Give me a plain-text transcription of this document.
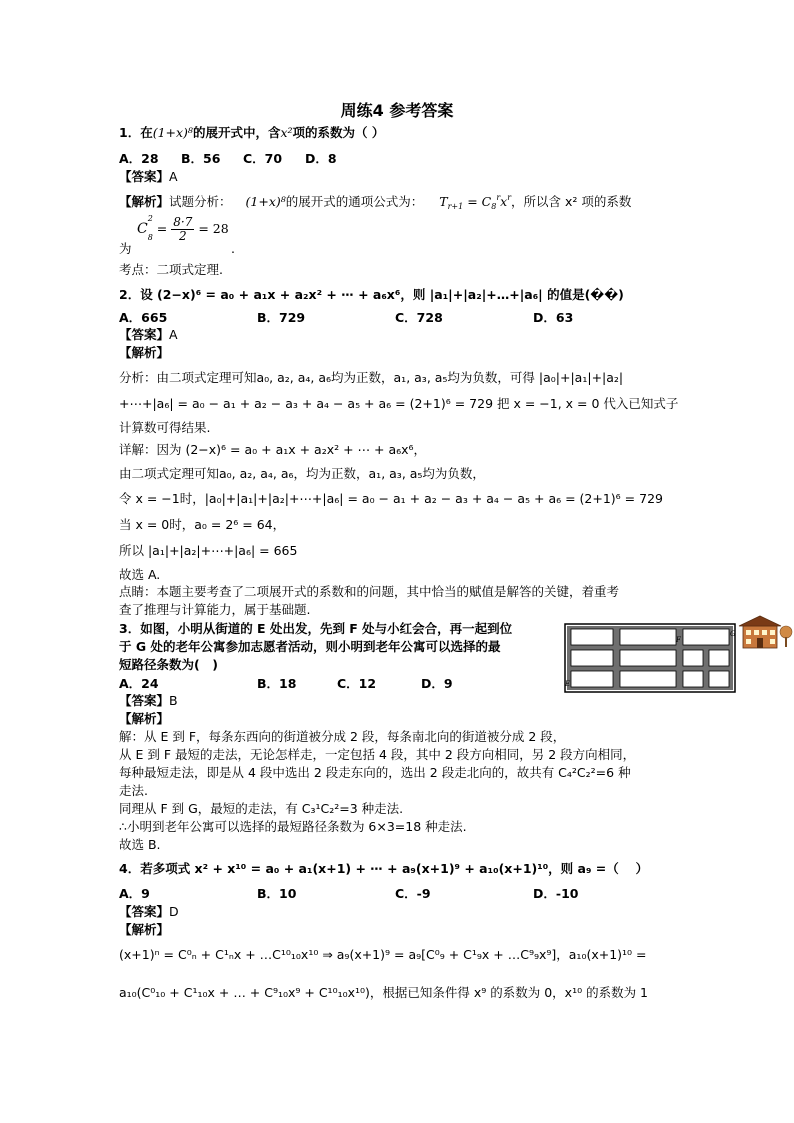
周练4 参考答案
1．在(1+x)⁸的展开式中，含x²项的系数为（ ）
A．28 B．56 C．70 D．8
【答案】A
【解析】试题分析： (1+x)⁸的展开式的通项公式为： $T_{r+1} = C_8^rx^r$，所以含 x² 项的系数
为
C
2
$_8 = \frac{8\cdot 7}{2} = 28$
.
考点：二项式定理.
2．设 (2−x)⁶ = a₀ + a₁x + a₂x² + ⋯ + a₆x⁶，则 |a₁|+|a₂|+…+|a₆| 的值是(��)
A．665	B．729	C．728	D．63
【答案】A
【解析】
分析：由二项式定理可知a₀, a₂, a₄, a₆均为正数，a₁, a₃, a₅均为负数，可得 |a₀|+|a₁|+|a₂|
+⋯+|a₆| = a₀ − a₁ + a₂ − a₃ + a₄ − a₅ + a₆ = (2+1)⁶ = 729 把 x = −1, x = 0 代入已知式子
计算数可得结果.
详解：因为 (2−x)⁶ = a₀ + a₁x + a₂x² + ⋯ + a₆x⁶，
由二项式定理可知a₀, a₂, a₄, a₆，均为正数，a₁, a₃, a₅均为负数，
令 x = −1时，|a₀|+|a₁|+|a₂|+⋯+|a₆| = a₀ − a₁ + a₂ − a₃ + a₄ − a₅ + a₆ = (2+1)⁶ = 729
当 x = 0时，a₀ = 2⁶ = 64，
所以 |a₁|+|a₂|+⋯+|a₆| = 665
故选 A.
点睛：本题主要考查了二项展开式的系数和的问题，其中恰当的赋值是解答的关键，着重考
查了推理与计算能力，属于基础题.
3．如图，小明从街道的 E 处出发，先到 F 处与小红会合，再一起到位
于 G 处的老年公寓参加志愿者活动，则小明到老年公寓可以选择的最
短路径条数为(　)
A．24	B．18	C．12	D．9
【答案】B
【解析】
解：从 E 到 F，每条东西向的街道被分成 2 段，每条南北向的街道被分成 2 段，
从 E 到 F 最短的走法，无论怎样走，一定包括 4 段，其中 2 段方向相同，另 2 段方向相同，
每种最短走法，即是从 4 段中选出 2 段走东向的，选出 2 段走北向的，故共有 C₄²C₂²=6 种
走法.
同理从 F 到 G，最短的走法，有 C₃¹C₂²=3 种走法.
∴小明到老年公寓可以选择的最短路径条数为 6×3=18 种走法.
故选 B.
E
F
G
4．若多项式 x² + x¹⁰ = a₀ + a₁(x+1) + ⋯ + a₉(x+1)⁹ + a₁₀(x+1)¹⁰，则 a₉ =（　 ）
A．9	B．10	C．-9	D．-10
【答案】D
【解析】
(x+1)ⁿ = C⁰ₙ + C¹ₙx + …C¹⁰₁₀x¹⁰ ⇒ a₉(x+1)⁹ = a₉[C⁰₉ + C¹₉x + …C⁹₉x⁹]，a₁₀(x+1)¹⁰ =
a₁₀(C⁰₁₀ + C¹₁₀x + … + C⁹₁₀x⁹ + C¹⁰₁₀x¹⁰)，根据已知条件得 x⁹ 的系数为 0，x¹⁰ 的系数为 1
